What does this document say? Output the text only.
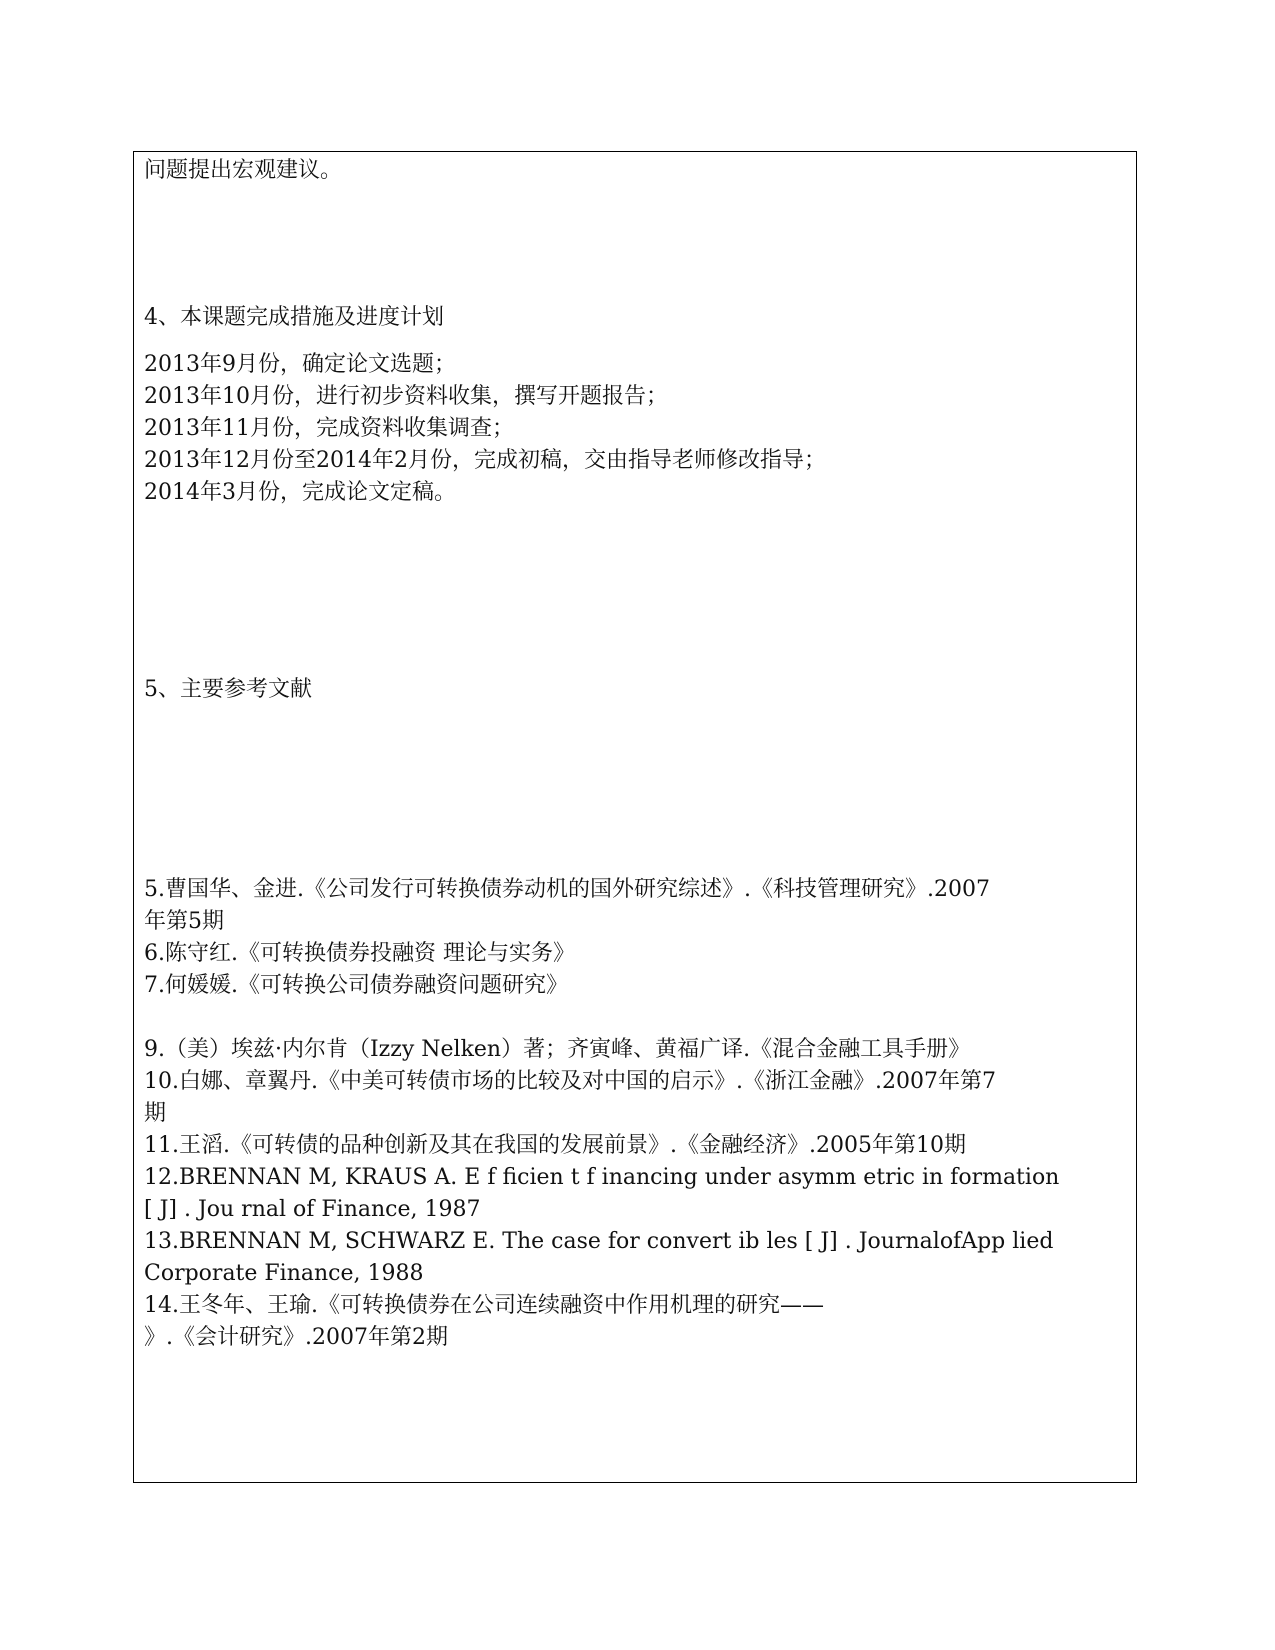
问题提出宏观建议。

4、本课题完成措施及进度计划

2013年9月份，确定论文选题；

2013年10月份，进行初步资料收集，撰写开题报告；

2013年11月份，完成资料收集调查；

2013年12月份至2014年2月份，完成初稿，交由指导老师修改指导；

2014年3月份，完成论文定稿。

5、主要参考文献

5.曹国华、金进.《公司发行可转换债券动机的国外研究综述》.《科技管理研究》.2007

年第5期

6.陈守红.《可转换债券投融资 理论与实务》

7.何媛媛.《可转换公司债券融资问题研究》

9.（美）埃兹·内尔肯（Izzy Nelken）著；齐寅峰、黄福广译.《混合金融工具手册》

10.白娜、章翼丹.《中美可转债市场的比较及对中国的启示》.《浙江金融》.2007年第7

期

11.王滔.《可转债的品种创新及其在我国的发展前景》.《金融经济》.2005年第10期

12.BRENNAN M, KRAUS A. E f ficien t f inancing under asymm etric in formation

[ J] . Jou rnal of Finance, 1987

13.BRENNAN M, SCHWARZ E. The case for convert ib les [ J] . JournalofApp lied

Corporate Finance, 1988

14.王冬年、王瑜.《可转换债券在公司连续融资中作用机理的研究——

》.《会计研究》.2007年第2期
